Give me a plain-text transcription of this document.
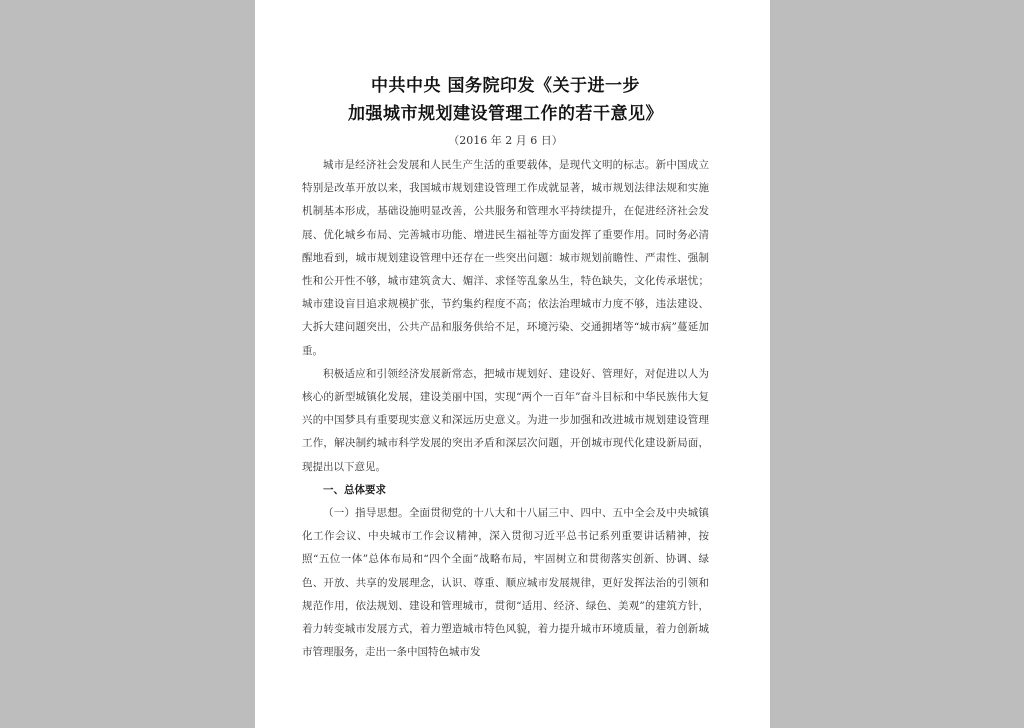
中共中央 国务院印发《关于进一步
加强城市规划建设管理工作的若干意见》
（2016 年 2 月 6 日）

城市是经济社会发展和人民生产生活的重要载体，是现代文明的标志。新中国成立特别是改革开放以来，我国城市规划建设管理工作成就显著，城市规划法律法规和实施机制基本形成，基础设施明显改善，公共服务和管理水平持续提升，在促进经济社会发展、优化城乡布局、完善城市功能、增进民生福祉等方面发挥了重要作用。同时务必清醒地看到，城市规划建设管理中还存在一些突出问题：城市规划前瞻性、严肃性、强制性和公开性不够，城市建筑贪大、媚洋、求怪等乱象丛生，特色缺失，文化传承堪忧；城市建设盲目追求规模扩张，节约集约程度不高；依法治理城市力度不够，违法建设、大拆大建问题突出，公共产品和服务供给不足，环境污染、交通拥堵等“城市病”蔓延加重。

积极适应和引领经济发展新常态，把城市规划好、建设好、管理好，对促进以人为核心的新型城镇化发展，建设美丽中国，实现“两个一百年”奋斗目标和中华民族伟大复兴的中国梦具有重要现实意义和深远历史意义。为进一步加强和改进城市规划建设管理工作，解决制约城市科学发展的突出矛盾和深层次问题，开创城市现代化建设新局面，现提出以下意见。

一、总体要求

（一）指导思想。全面贯彻党的十八大和十八届三中、四中、五中全会及中央城镇化工作会议、中央城市工作会议精神，深入贯彻习近平总书记系列重要讲话精神，按照“五位一体”总体布局和“四个全面”战略布局，牢固树立和贯彻落实创新、协调、绿色、开放、共享的发展理念，认识、尊重、顺应城市发展规律，更好发挥法治的引领和规范作用，依法规划、建设和管理城市，贯彻“适用、经济、绿色、美观”的建筑方针，着力转变城市发展方式，着力塑造城市特色风貌，着力提升城市环境质量，着力创新城市管理服务，走出一条中国特色城市发
